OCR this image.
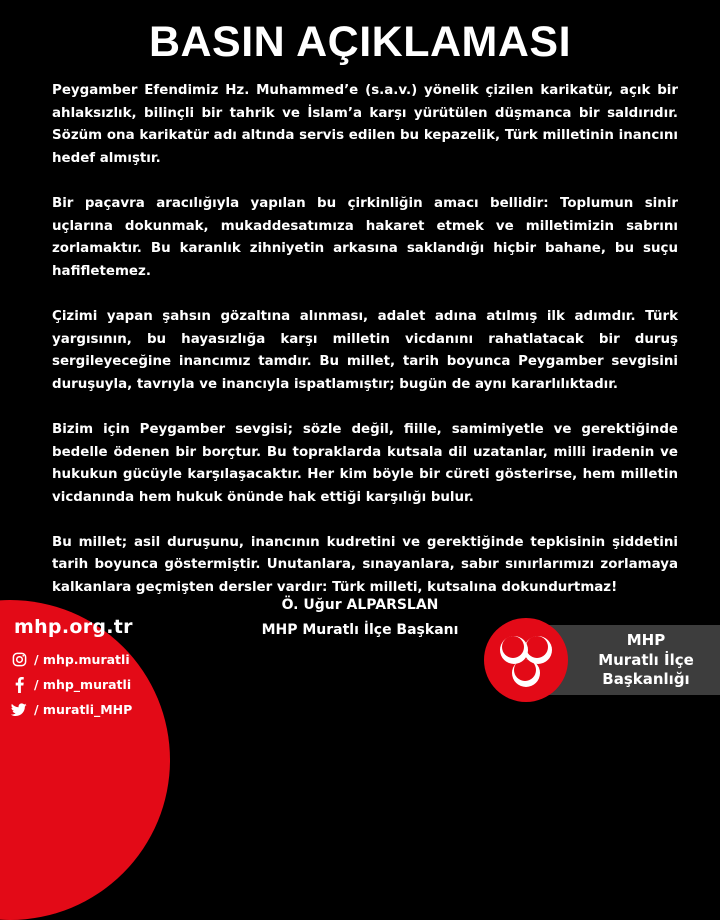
BASIN AÇIKLAMASI

Peygamber Efendimiz Hz. Muhammed’e (s.a.v.) yönelik çizilen karikatür, açık bir ahlaksızlık, bilinçli bir tahrik ve İslam’a karşı yürütülen düşmanca bir saldırıdır. Sözüm ona karikatür adı altında servis edilen bu kepazelik, Türk milletinin inancını hedef almıştır.

Bir paçavra aracılığıyla yapılan bu çirkinliğin amacı bellidir: Toplumun sinir uçlarına dokunmak, mukaddesatımıza hakaret etmek ve milletimizin sabrını zorlamaktır. Bu karanlık zihniyetin arkasına saklandığı hiçbir bahane, bu suçu hafifletemez.

Çizimi yapan şahsın gözaltına alınması, adalet adına atılmış ilk adımdır. Türk yargısının, bu hayasızlığa karşı milletin vicdanını rahatlatacak bir duruş sergileyeceğine inancımız tamdır. Bu millet, tarih boyunca Peygamber sevgisini duruşuyla, tavrıyla ve inancıyla ispatlamıştır; bugün de aynı kararlılıktadır.

Bizim için Peygamber sevgisi; sözle değil, fiille, samimiyetle ve gerektiğinde bedelle ödenen bir borçtur. Bu topraklarda kutsala dil uzatanlar, milli iradenin ve hukukun gücüyle karşılaşacaktır. Her kim böyle bir cüreti gösterirse, hem milletin vicdanında hem hukuk önünde hak ettiği karşılığı bulur.

Bu millet; asil duruşunu, inancının kudretini ve gerektiğinde tepkisinin şiddetini tarih boyunca göstermiştir. Unutanlara, sınayanlara, sabır sınırlarımızı zorlamaya kalkanlara geçmişten dersler vardır: Türk milleti, kutsalına dokundurtmaz!

Ö. Uğur ALPARSLAN
MHP Muratlı İlçe Başkanı
mhp.org.tr
/ mhp.muratli
/ mhp_muratli
/ muratli_MHP
MHP
Muratlı İlçe
Başkanlığı
